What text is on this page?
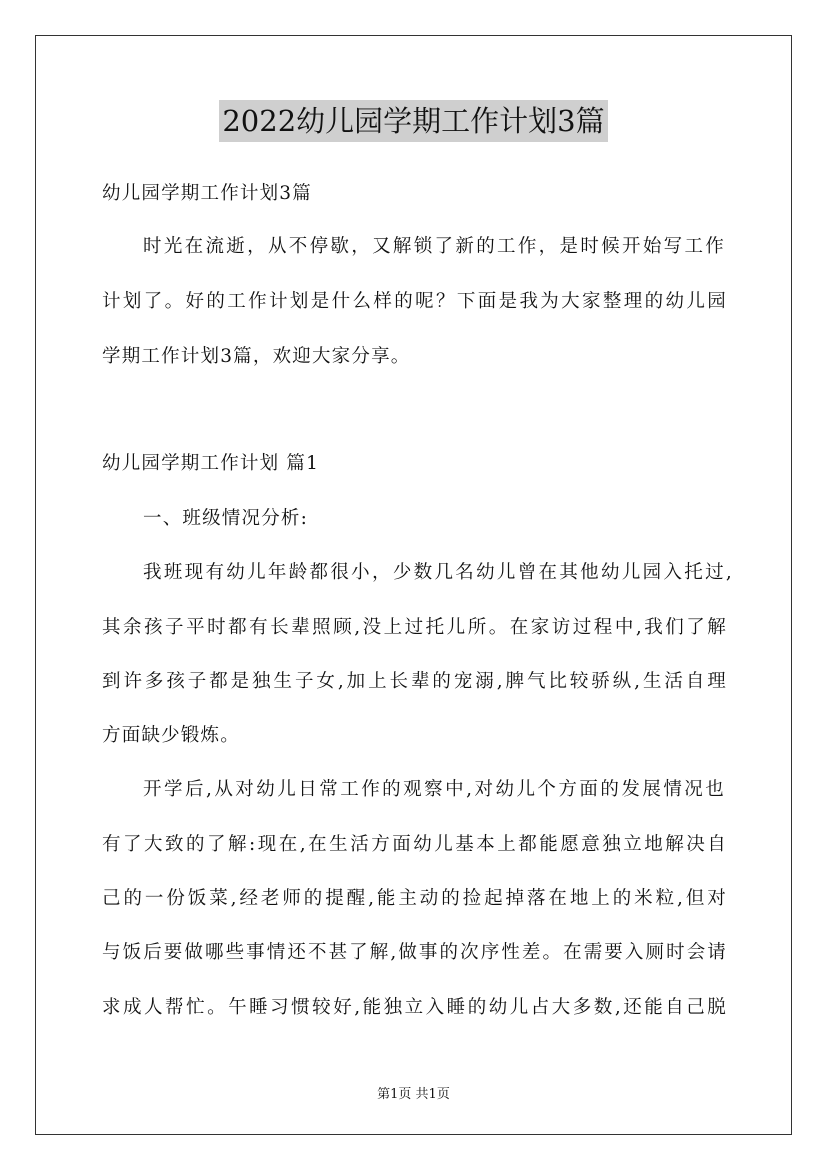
2022幼儿园学期工作计划3篇
幼儿园学期工作计划3篇
时光在流逝，从不停歇，又解锁了新的工作，是时候开始写工作
计划了。好的工作计划是什么样的呢？下面是我为大家整理的幼儿园
学期工作计划3篇，欢迎大家分享。
幼儿园学期工作计划 篇1
一、班级情况分析:
我班现有幼儿年龄都很小，少数几名幼儿曾在其他幼儿园入托过,
其余孩子平时都有长辈照顾,没上过托儿所。在家访过程中,我们了解
到许多孩子都是独生子女,加上长辈的宠溺,脾气比较骄纵,生活自理
方面缺少锻炼。
开学后,从对幼儿日常工作的观察中,对幼儿个方面的发展情况也
有了大致的了解:现在,在生活方面幼儿基本上都能愿意独立地解决自
己的一份饭菜,经老师的提醒,能主动的捡起掉落在地上的米粒,但对
与饭后要做哪些事情还不甚了解,做事的次序性差。在需要入厕时会请
求成人帮忙。午睡习惯较好,能独立入睡的幼儿占大多数,还能自己脱
第1页 共1页
